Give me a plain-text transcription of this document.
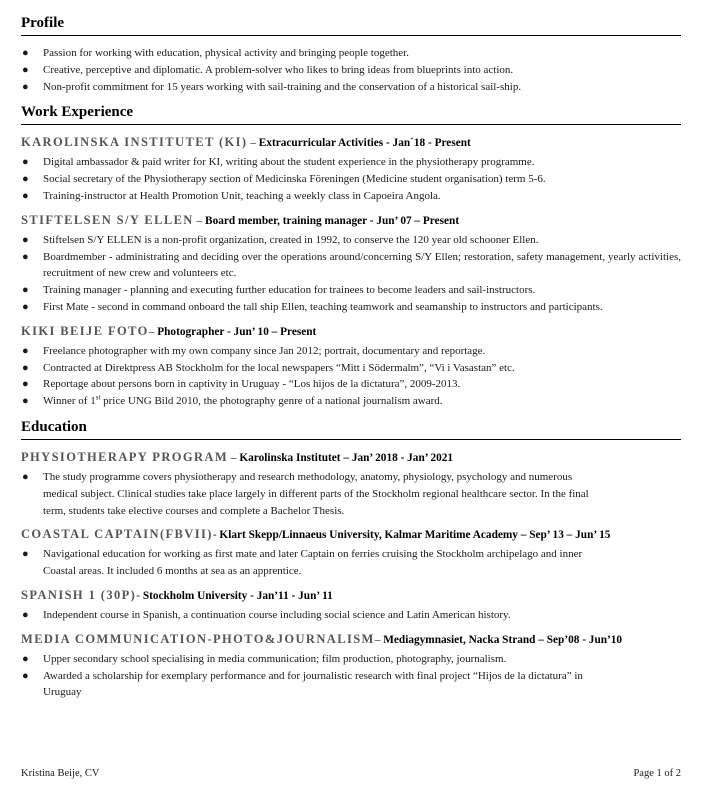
Profile
● Passion for working with education, physical activity and bringing people together.
● Creative, perceptive and diplomatic. A problem-solver who likes to bring ideas from blueprints into action.
● Non-profit commitment for 15 years working with sail-training and the conservation of a historical sail-ship.
Work Experience
KAROLINSKA INSTITUTET (KI) – Extracurricular Activities - Jan´18 - Present
● Digital ambassador & paid writer for KI, writing about the student experience in the physiotherapy programme.
● Social secretary of the Physiotherapy section of Medicinska Föreningen (Medicine student organisation) term 5-6.
● Training-instructor at Health Promotion Unit, teaching a weekly class in Capoeira Angola.
STIFTELSEN S/Y ELLEN – Board member, training manager - Jun’ 07 – Present
● Stiftelsen S/Y ELLEN is a non-profit organization, created in 1992, to conserve the 120 year old schooner Ellen.
● Boardmember - administrating and deciding over the operations around/concerning S/Y Ellen; restoration, safety management, yearly activities, recruitment of new crew and volunteers etc.
● Training manager - planning and executing further education for trainees to become leaders and sail-instructors.
● First Mate - second in command onboard the tall ship Ellen, teaching teamwork and seamanship to instructors and participants.
KIKI BEIJE FOTO– Photographer - Jun’ 10 – Present
● Freelance photographer with my own company since Jan 2012; portrait, documentary and reportage.
● Contracted at Direktpress AB Stockholm for the local newspapers “Mitt i Södermalm”, “Vi i Vasastan” etc.
● Reportage about persons born in captivity in Uruguay - “Los hijos de la dictatura”, 2009-2013.
● Winner of 1st price UNG Bild 2010, the photography genre of a national journalism award.
Education
PHYSIOTHERAPY PROGRAM – Karolinska Institutet – Jan’ 2018 - Jan’ 2021
● The study programme covers physiotherapy and research methodology, anatomy, physiology, psychology and numerous medical subject. Clinical studies take place largely in different parts of the Stockholm regional healthcare sector. In the final term, students take elective courses and complete a Bachelor Thesis.
COASTAL CAPTAIN(FBVII)- Klart Skepp/Linnaeus University, Kalmar Maritime Academy – Sep’ 13 – Jun’ 15
● Navigational education for working as first mate and later Captain on ferries cruising the Stockholm archipelago and inner Coastal areas. It included 6 months at sea as an apprentice.
SPANISH 1 (30P)- Stockholm University - Jan’11 - Jun’ 11
● Independent course in Spanish, a continuation course including social science and Latin American history.
MEDIA COMMUNICATION-PHOTO&JOURNALISM– Mediagymnasiet, Nacka Strand – Sep’08 - Jun’10
● Upper secondary school specialising in media communication; film production, photography, journalism.
● Awarded a scholarship for exemplary performance and for journalistic research with final project “Hijos de la dictatura” in Uruguay
Kristina Beije, CV	Page 1 of 2
